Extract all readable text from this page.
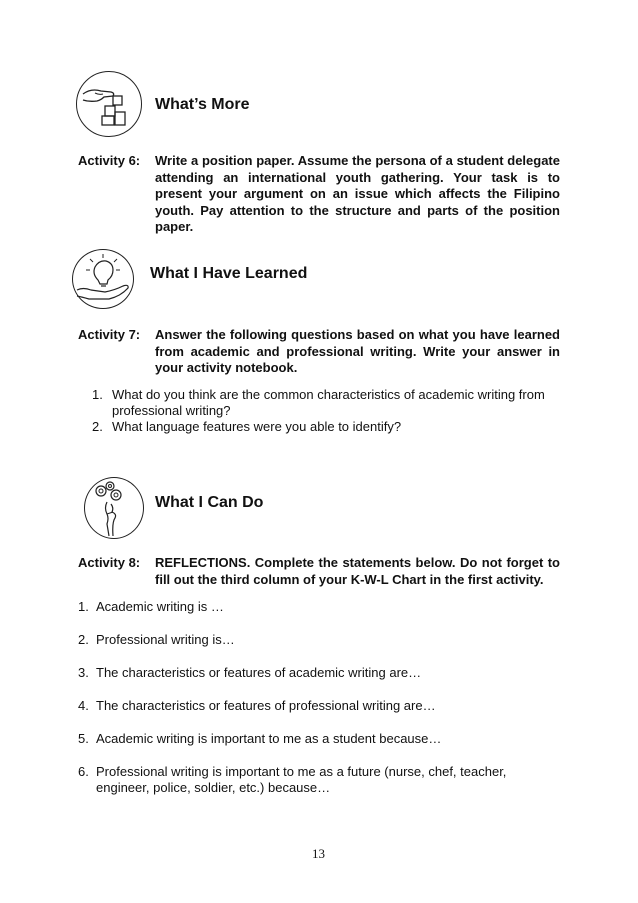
What’s More
Activity 6: Write a position paper. Assume the persona of a student delegate attending an international youth gathering. Your task is to present your argument on an issue which affects the Filipino youth. Pay attention to the structure and parts of the position paper.
What I Have Learned
Activity 7: Answer the following questions based on what you have learned from academic and professional writing. Write your answer in your activity notebook.
1. What do you think are the common characteristics of academic writing from professional writing?
2. What language features were you able to identify?
What I Can Do
Activity 8: REFLECTIONS. Complete the statements below. Do not forget to fill out the third column of your K-W-L Chart in the first activity.
1. Academic writing is …
2. Professional writing is…
3. The characteristics or features of academic writing are…
4. The characteristics or features of professional writing are…
5. Academic writing is important to me as a student because…
6. Professional writing is important to me as a future (nurse, chef, teacher, engineer, police, soldier, etc.) because…
13
